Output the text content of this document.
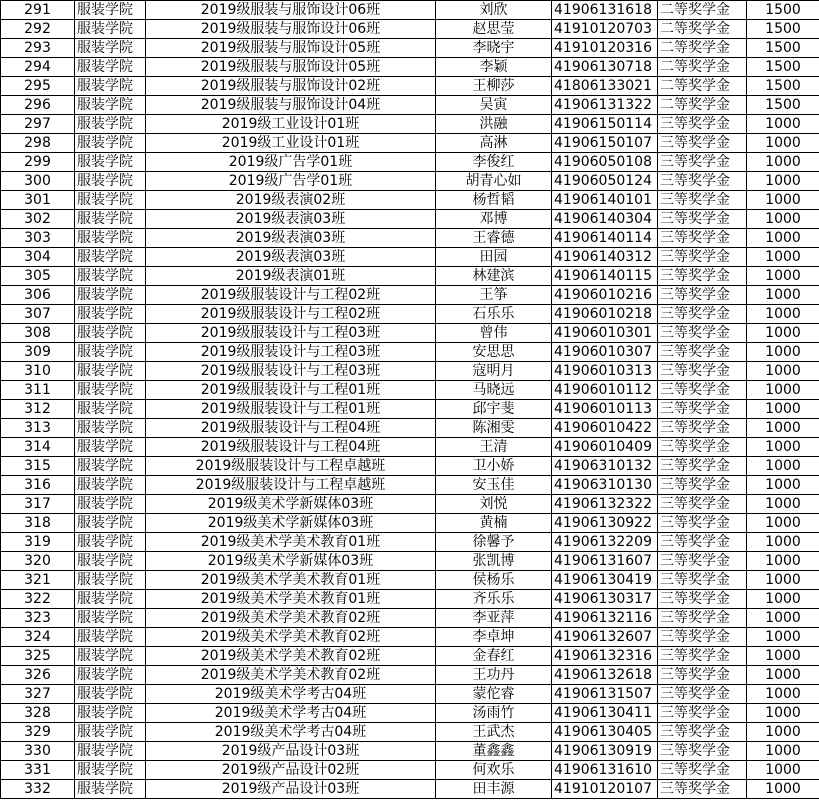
291	服装学院	2019级服装与服饰设计06班	刘欣	41906131618	二等奖学金	1500
292	服装学院	2019级服装与服饰设计06班	赵思莹	41910120703	二等奖学金	1500
293	服装学院	2019级服装与服饰设计05班	李晓宇	41910120316	二等奖学金	1500
294	服装学院	2019级服装与服饰设计05班	李颖	41906130718	二等奖学金	1500
295	服装学院	2019级服装与服饰设计02班	王柳莎	41806133021	二等奖学金	1500
296	服装学院	2019级服装与服饰设计04班	吴寅	41906131322	二等奖学金	1500
297	服装学院	2019级工业设计01班	洪融	41906150114	三等奖学金	1000
298	服装学院	2019级工业设计01班	高淋	41906150107	三等奖学金	1000
299	服装学院	2019级广告学01班	李俊红	41906050108	三等奖学金	1000
300	服装学院	2019级广告学01班	胡青心如	41906050124	三等奖学金	1000
301	服装学院	2019级表演02班	杨哲韬	41906140101	三等奖学金	1000
302	服装学院	2019级表演03班	邓博	41906140304	三等奖学金	1000
303	服装学院	2019级表演03班	王睿德	41906140114	三等奖学金	1000
304	服装学院	2019级表演03班	田园	41906140312	三等奖学金	1000
305	服装学院	2019级表演01班	林建滨	41906140115	三等奖学金	1000
306	服装学院	2019级服装设计与工程02班	王筝	41906010216	三等奖学金	1000
307	服装学院	2019级服装设计与工程02班	石乐乐	41906010218	三等奖学金	1000
308	服装学院	2019级服装设计与工程03班	曾伟	41906010301	三等奖学金	1000
309	服装学院	2019级服装设计与工程03班	安思思	41906010307	三等奖学金	1000
310	服装学院	2019级服装设计与工程03班	寇明月	41906010313	三等奖学金	1000
311	服装学院	2019级服装设计与工程01班	马晓远	41906010112	三等奖学金	1000
312	服装学院	2019级服装设计与工程01班	邱宇斐	41906010113	三等奖学金	1000
313	服装学院	2019级服装设计与工程04班	陈湘雯	41906010422	三等奖学金	1000
314	服装学院	2019级服装设计与工程04班	王清	41906010409	三等奖学金	1000
315	服装学院	2019级服装设计与工程卓越班	卫小娇	41906310132	三等奖学金	1000
316	服装学院	2019级服装设计与工程卓越班	安玉佳	41906310130	三等奖学金	1000
317	服装学院	2019级美术学新媒体03班	刘悦	41906132322	三等奖学金	1000
318	服装学院	2019级美术学新媒体03班	黄楠	41906130922	三等奖学金	1000
319	服装学院	2019级美术学美术教育01班	徐馨予	41906132209	三等奖学金	1000
320	服装学院	2019级美术学新媒体03班	张凯博	41906131607	三等奖学金	1000
321	服装学院	2019级美术学美术教育01班	侯杨乐	41906130419	三等奖学金	1000
322	服装学院	2019级美术学美术教育01班	齐乐乐	41906130317	三等奖学金	1000
323	服装学院	2019级美术学美术教育02班	李亚萍	41906132116	三等奖学金	1000
324	服装学院	2019级美术学美术教育02班	李卓坤	41906132607	三等奖学金	1000
325	服装学院	2019级美术学美术教育02班	金春红	41906132316	三等奖学金	1000
326	服装学院	2019级美术学美术教育02班	王功丹	41906132618	三等奖学金	1000
327	服装学院	2019级美术学考古04班	蒙佗睿	41906131507	三等奖学金	1000
328	服装学院	2019级美术学考古04班	汤雨竹	41906130411	三等奖学金	1000
329	服装学院	2019级美术学考古04班	王武杰	41906130405	三等奖学金	1000
330	服装学院	2019级产品设计03班	董鑫鑫	41906130919	三等奖学金	1000
331	服装学院	2019级产品设计02班	何欢乐	41906131610	三等奖学金	1000
332	服装学院	2019级产品设计03班	田丰源	41910120107	三等奖学金	1000
